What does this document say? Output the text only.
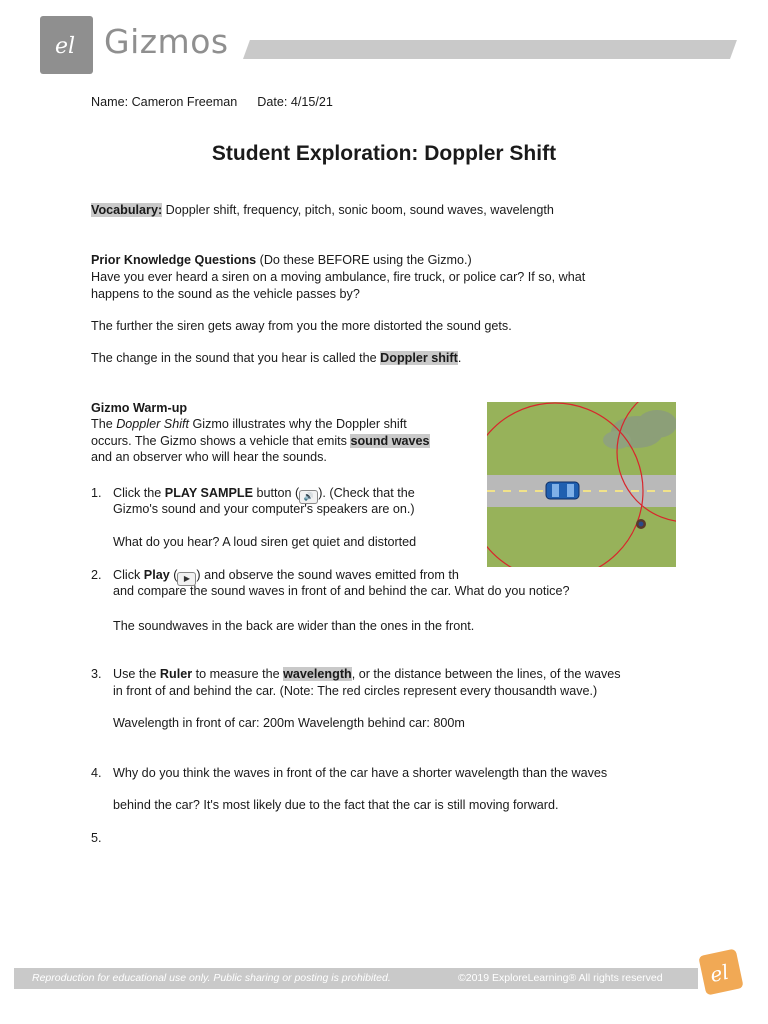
el Gizmos
Name: Cameron Freeman Date: 4/15/21
Student Exploration: Doppler Shift
Vocabulary: Doppler shift, frequency, pitch, sonic boom, sound waves, wavelength
Prior Knowledge Questions (Do these BEFORE using the Gizmo.)
Have you ever heard a siren on a moving ambulance, fire truck, or police car? If so, what
happens to the sound as the vehicle passes by?
The further the siren gets away from you the more distorted the sound gets.
The change in the sound that you hear is called the Doppler shift.
Gizmo Warm-up
The Doppler Shift Gizmo illustrates why the Doppler shift
occurs. The Gizmo shows a vehicle that emits sound waves
and an observer who will hear the sounds.
1. Click the PLAY SAMPLE button ( 🔊 ). (Check that the
Gizmo's sound and your computer's speakers are on.)
What do you hear? A loud siren get quiet and distorted
2. Click Play ( ▶ ) and observe the sound waves emitted from th
and compare the sound waves in front of and behind the car. What do you notice?
The soundwaves in the back are wider than the ones in the front.
3. Use the Ruler to measure the wavelength, or the distance between the lines, of the waves
in front of and behind the car. (Note: The red circles represent every thousandth wave.)
Wavelength in front of car: 200m Wavelength behind car: 800m
4. Why do you think the waves in front of the car have a shorter wavelength than the waves
behind the car? It's most likely due to the fact that the car is still moving forward.
5.
Reproduction for educational use only. Public sharing or posting is prohibited.	©2019 ExploreLearning® All rights reserved el
